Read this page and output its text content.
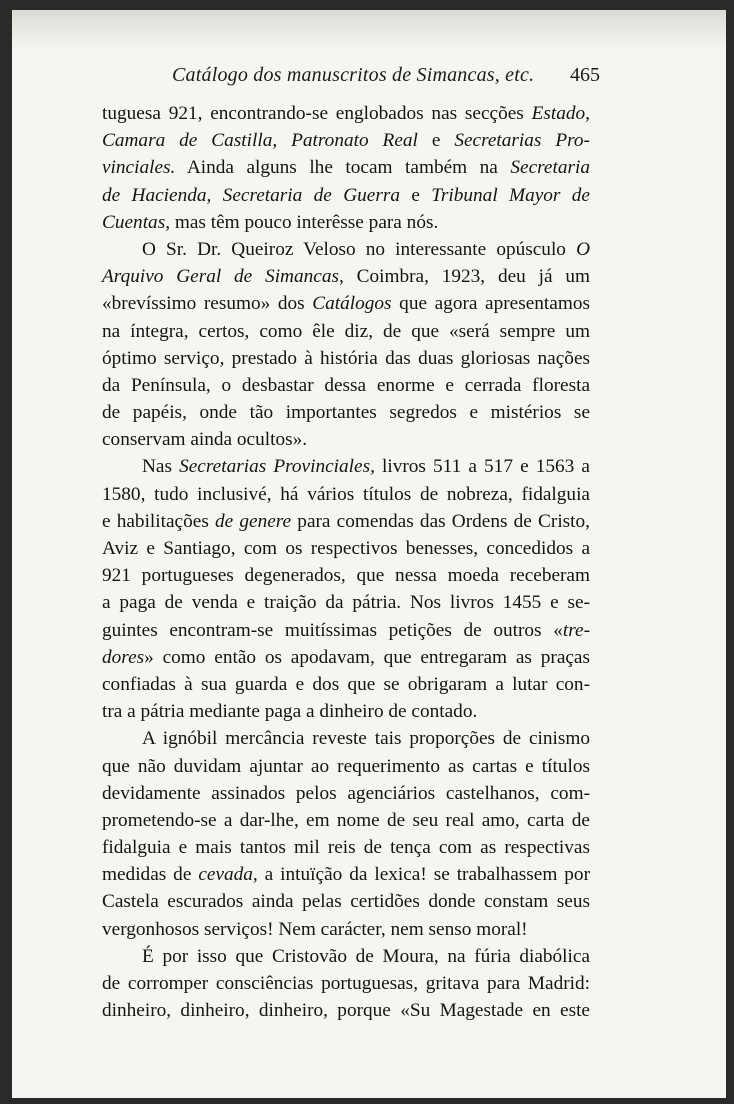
Catálogo dos manuscritos de Simancas, etc. 465
tuguesa 921, encontrando-se englobados nas secções Estado,
Camara de Castilla, Patronato Real e Secretarias Pro-
vinciales. Ainda alguns lhe tocam também na Secretaria
de Hacienda, Secretaria de Guerra e Tribunal Mayor de
Cuentas, mas têm pouco interêsse para nós.
O Sr. Dr. Queiroz Veloso no interessante opúsculo O
Arquivo Geral de Simancas, Coimbra, 1923, deu já um
«brevíssimo resumo» dos Catálogos que agora apresentamos
na íntegra, certos, como êle diz, de que «será sempre um
óptimo serviço, prestado à história das duas gloriosas nações
da Península, o desbastar dessa enorme e cerrada floresta
de papéis, onde tão importantes segredos e mistérios se
conservam ainda ocultos».
Nas Secretarias Provinciales, livros 511 a 517 e 1563 a
1580, tudo inclusivé, há vários títulos de nobreza, fidalguia
e habilitações de genere para comendas das Ordens de Cristo,
Aviz e Santiago, com os respectivos benesses, concedidos a
921 portugueses degenerados, que nessa moeda receberam
a paga de venda e traição da pátria. Nos livros 1455 e se-
guintes encontram-se muitíssimas petições de outros «tre-
dores» como então os apodavam, que entregaram as praças
confiadas à sua guarda e dos que se obrigaram a lutar con-
tra a pátria mediante paga a dinheiro de contado.
A ignóbil mercância reveste tais proporções de cinismo
que não duvidam ajuntar ao requerimento as cartas e títulos
devidamente assinados pelos agenciários castelhanos, com-
prometendo-se a dar-lhe, em nome de seu real amo, carta de
fidalguia e mais tantos mil reis de tença com as respectivas
medidas de cevada, a intuïção da lexica! se trabalhassem por
Castela escurados ainda pelas certidões donde constam seus
vergonhosos serviços! Nem carácter, nem senso moral!
É por isso que Cristovão de Moura, na fúria diabólica
de corromper consciências portuguesas, gritava para Madrid:
dinheiro, dinheiro, dinheiro, porque «Su Magestade en este
